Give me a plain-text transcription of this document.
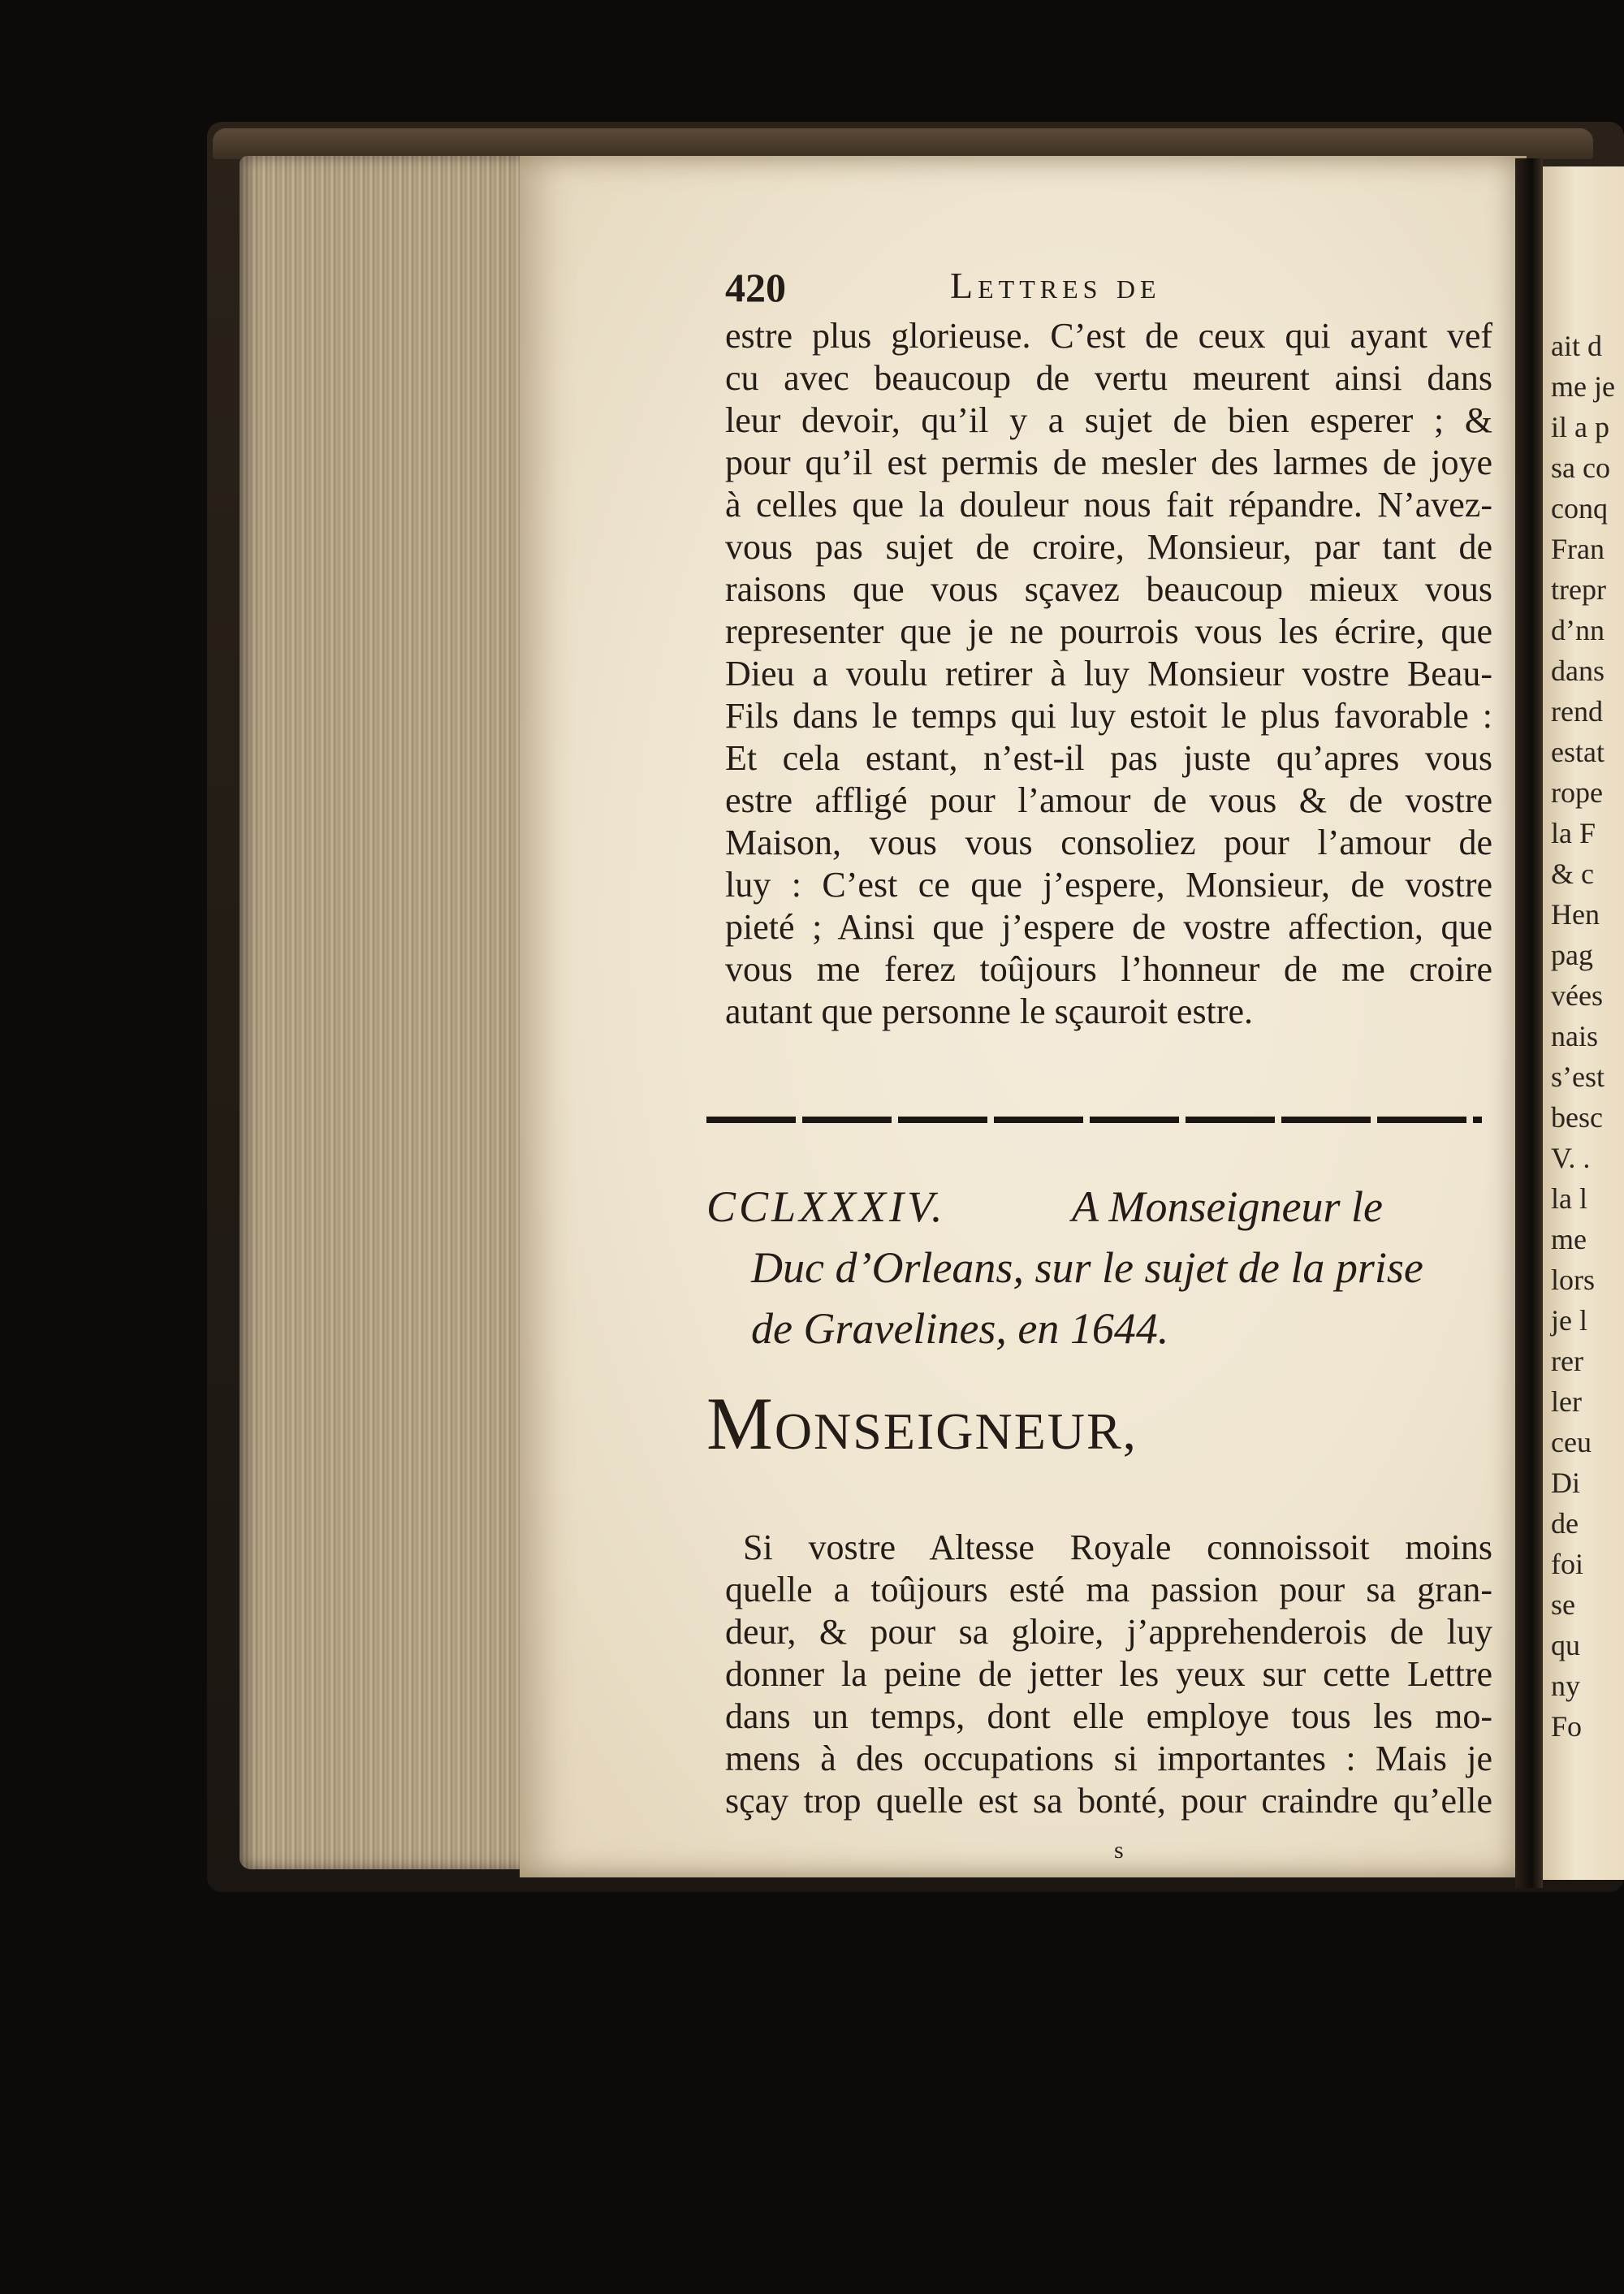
420	Lettres de
estre plus glorieuse. C’est de ceux qui ayant vef
cu avec beaucoup de vertu meurent ainsi dans
leur devoir, qu’il y a sujet de bien esperer ; &
pour qu’il est permis de mesler des larmes de joye
à celles que la douleur nous fait répandre. N’avez-
vous pas sujet de croire, Monsieur, par tant de
raisons que vous sçavez beaucoup mieux vous
representer que je ne pourrois vous les écrire, que
Dieu a voulu retirer à luy Monsieur vostre Beau-
Fils dans le temps qui luy estoit le plus favorable :
Et cela estant, n’est-il pas juste qu’apres vous
estre affligé pour l’amour de vous & de vostre
Maison, vous vous consoliez pour l’amour de
luy : C’est ce que j’espere, Monsieur, de vostre
pieté ; Ainsi que j’espere de vostre affection, que
vous me ferez toûjours l’honneur de me croire
autant que personne le sçauroit estre.
CCLXXXIV.	A Monseigneur le
Duc d’Orleans, sur le sujet de la prise
de Gravelines, en 1644.
MONSEIGNEUR,
Si vostre Altesse Royale connoissoit moins
quelle a toûjours esté ma passion pour sa gran-
deur, & pour sa gloire, j’apprehenderois de luy
donner la peine de jetter les yeux sur cette Lettre
dans un temps, dont elle employe tous les mo-
mens à des occupations si importantes : Mais je
sçay trop quelle est sa bonté, pour craindre qu’elle
s
ait d
me je
il a p
sa co
conq
Fran
trepr
d’nn
dans
rend
estat
rope
la F
& c
Hen
pag
vées
nais
s’est
besc
V. .
la l
me
lors
je l
rer
ler
ceu
Di
de
foi
se
qu
ny
Fo
